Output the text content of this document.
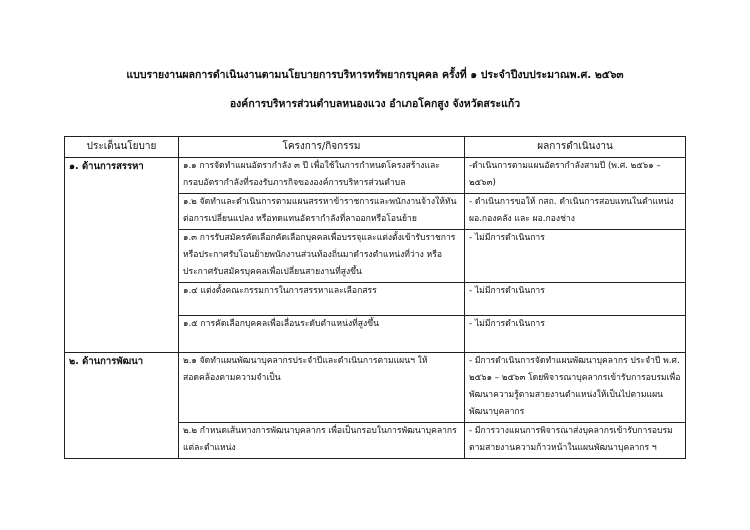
แบบรายงานผลการดำเนินงานตามนโยบายการบริหารทรัพยากรบุคคล ครั้งที่ ๑ ประจำปีงบประมาณพ.ศ. ๒๕๖๓
องค์การบริหารส่วนตำบลหนองแวง อำเภอโคกสูง จังหวัดสระแก้ว
ประเด็นนโยบาย	โครงการ/กิจกรรม	ผลการดำเนินงาน
๑. ด้านการสรรหา	๑.๑ การจัดทำแผนอัตรากำลัง ๓ ปี เพื่อใช้ในการกำหนดโครงสร้างและกรอบอัตรากำลังที่รองรับภารกิจขององค์การบริหารส่วนตำบล	-ดำเนินการตามแผนอัตรากำลังสามปี (พ.ศ. ๒๕๖๑ – ๒๕๖๓)
	๑.๒ จัดทำและดำเนินการตามแผนสรรหาข้าราชการและพนักงานจ้างให้ทันต่อการเปลี่ยนแปลง หรือทดแทนอัตรากำลังที่ลาออกหรือโอนย้าย	- ดำเนินการขอให้ กสถ. ดำเนินการสอบแทนในตำแหน่ง ผอ.กองคลัง และ ผอ.กองช่าง
	๑.๓ การรับสมัครคัดเลือกคัดเลือกบุคคลเพื่อบรรจุและแต่งตั้งเข้ารับราชการหรือประกาศรับโอนย้ายพนักงานส่วนท้องถิ่นมาดำรงตำแหน่งที่ว่าง หรือประกาศรับสมัครบุคคลเพื่อเปลี่ยนสายงานที่สูงขึ้น	- ไม่มีการดำเนินการ
	๑.๔ แต่งตั้งคณะกรรมการในการสรรหาและเลือกสรร	- ไม่มีการดำเนินการ
	๑.๕ การคัดเลือกบุคคลเพื่อเลื่อนระดับตำแหน่งที่สูงขึ้น	- ไม่มีการดำเนินการ
๒. ด้านการพัฒนา	๒.๑ จัดทำแผนพัฒนาบุคลากรประจำปีและดำเนินการตามแผนฯ ให้สอดคล้องตามความจำเป็น	- มีการดำเนินการจัดทำแผนพัฒนาบุคลากร ประจำปี พ.ศ. ๒๕๖๑ – ๒๕๖๓ โดยพิจารณาบุคลากรเข้ารับการอบรมเพื่อพัฒนาความรู้ตามสายงานตำแหน่งให้เป็นไปตามแผนพัฒนาบุคลากร
	๒.๒ กำหนดเส้นทางการพัฒนาบุคลากร เพื่อเป็นกรอบในการพัฒนาบุคลากรแต่ละตำแหน่ง	- มีการวางแผนการพิจารณาส่งบุคลากรเข้ารับการอบรมตามสายงานความก้าวหน้าในแผนพัฒนาบุคลากร ฯ
